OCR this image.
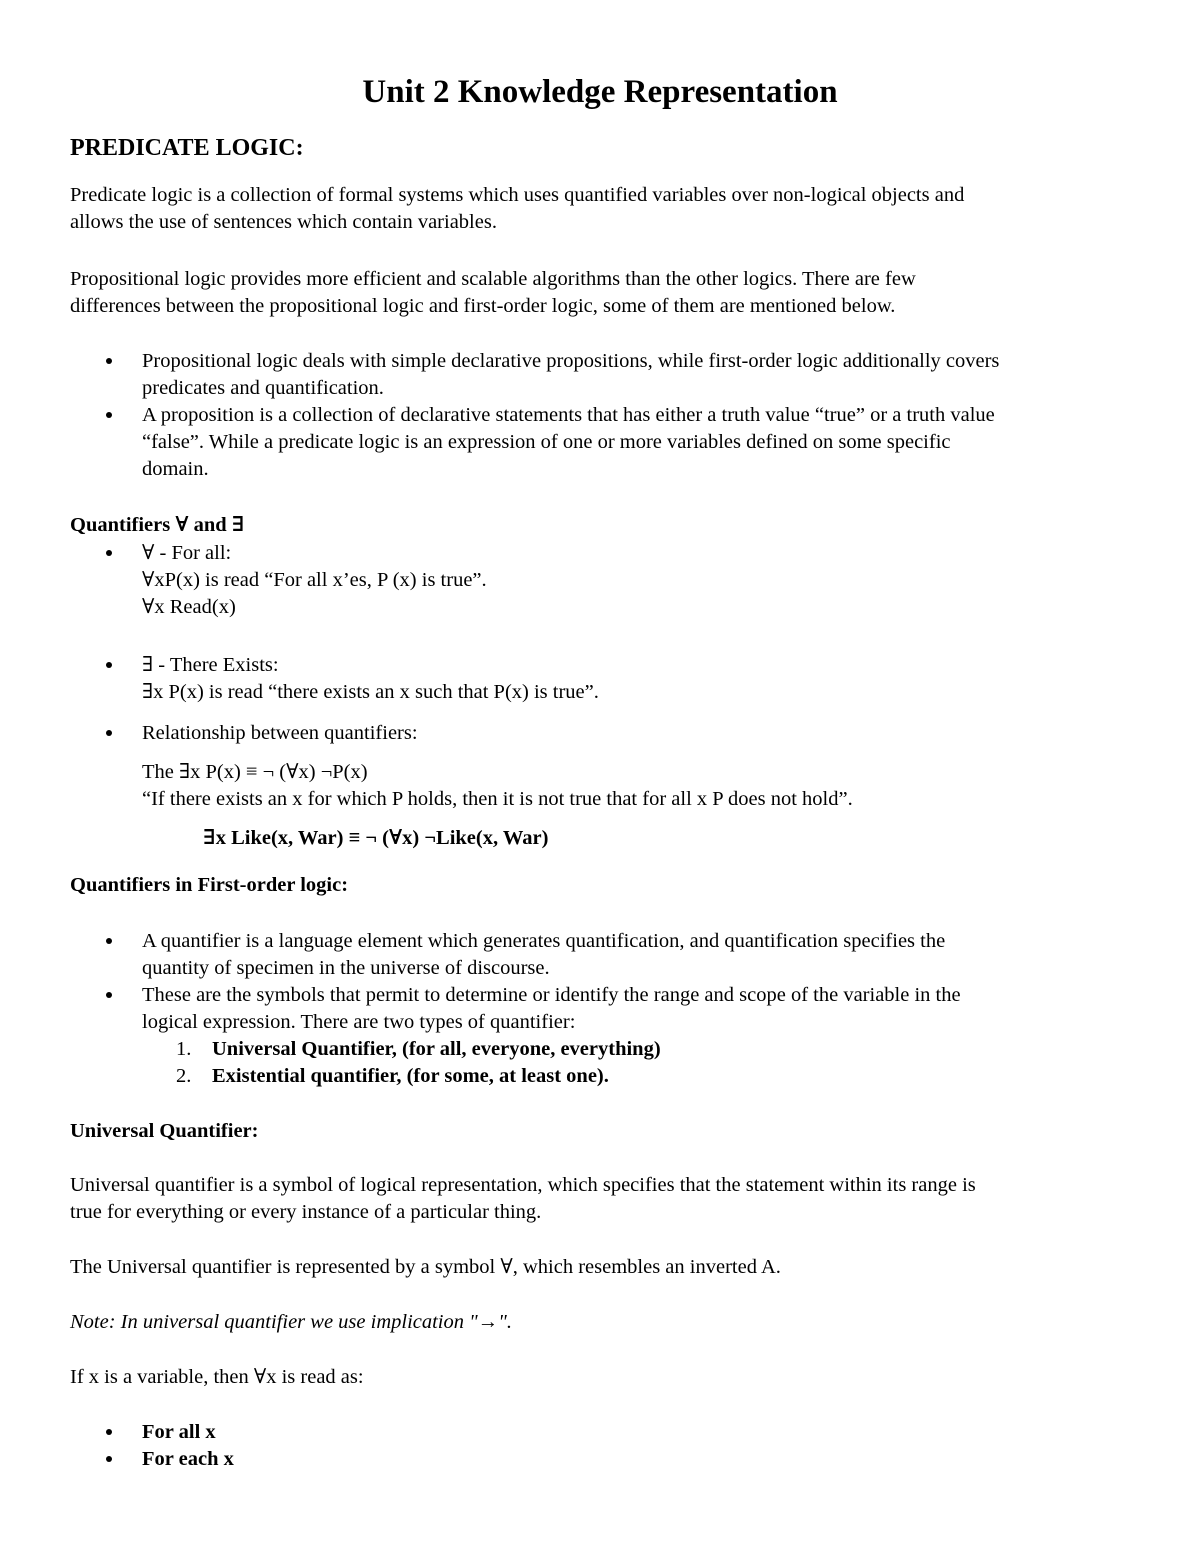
Unit 2 Knowledge Representation
PREDICATE LOGIC:
Predicate logic is a collection of formal systems which uses quantified variables over non-logical objects and
allows the use of sentences which contain variables.
Propositional logic provides more efficient and scalable algorithms than the other logics. There are few
differences between the propositional logic and first-order logic, some of them are mentioned below.
Propositional logic deals with simple declarative propositions, while first-order logic additionally covers
predicates and quantification.
A proposition is a collection of declarative statements that has either a truth value “true” or a truth value
“false”. While a predicate logic is an expression of one or more variables defined on some specific
domain.
Quantifiers ∀ and ∃
∀ - For all:
∀xP(x) is read “For all x’es, P (x) is true”.
∀x Read(x)
∃ - There Exists:
∃x P(x) is read “there exists an x such that P(x) is true”.
Relationship between quantifiers:
The ∃x P(x) ≡ ¬ (∀x) ¬P(x)
“If there exists an x for which P holds, then it is not true that for all x P does not hold”.
∃x Like(x, War) ≡ ¬ (∀x) ¬Like(x, War)
Quantifiers in First-order logic:
A quantifier is a language element which generates quantification, and quantification specifies the
quantity of specimen in the universe of discourse.
These are the symbols that permit to determine or identify the range and scope of the variable in the
logical expression. There are two types of quantifier:
1. Universal Quantifier, (for all, everyone, everything)
2. Existential quantifier, (for some, at least one).
Universal Quantifier:
Universal quantifier is a symbol of logical representation, which specifies that the statement within its range is
true for everything or every instance of a particular thing.
The Universal quantifier is represented by a symbol ∀, which resembles an inverted A.
Note: In universal quantifier we use implication "→".
If x is a variable, then ∀x is read as:
For all x
For each x
